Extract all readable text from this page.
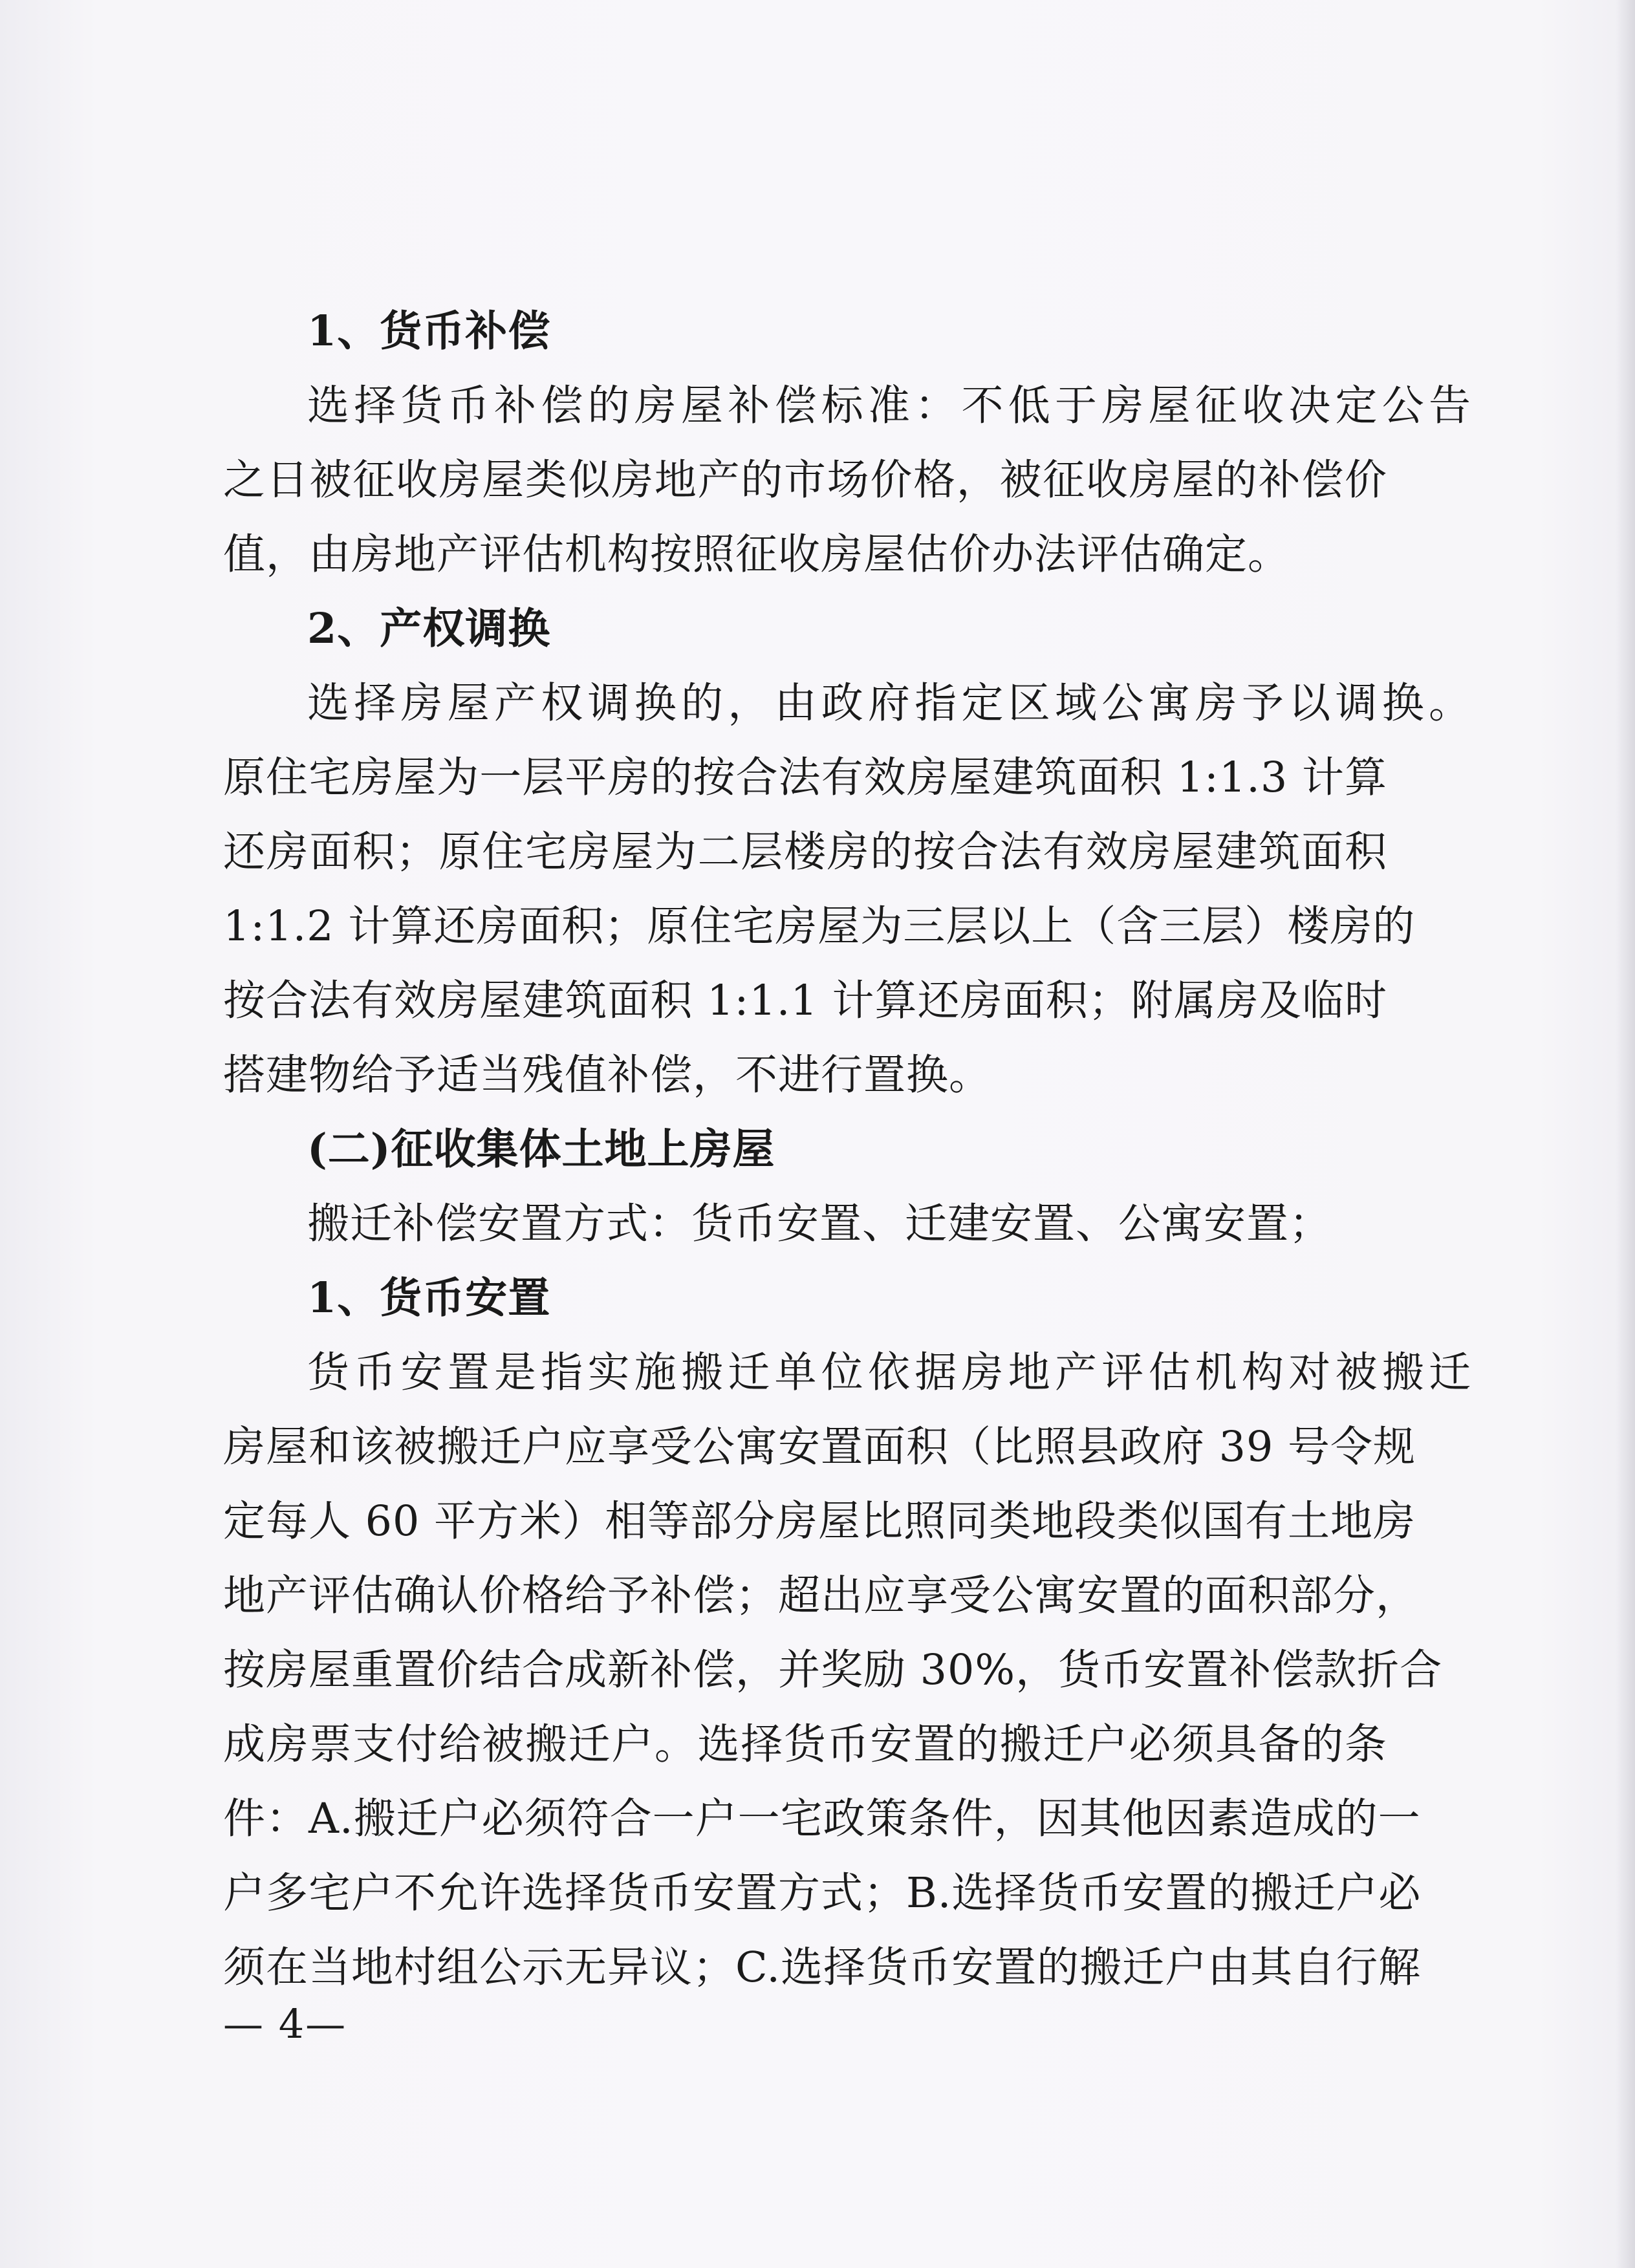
1、货币补偿
选择货币补偿的房屋补偿标准：不低于房屋征收决定公告
之日被征收房屋类似房地产的市场价格，被征收房屋的补偿价
值，由房地产评估机构按照征收房屋估价办法评估确定。
2、产权调换
选择房屋产权调换的，由政府指定区域公寓房予以调换。
原住宅房屋为一层平房的按合法有效房屋建筑面积 1:1.3 计算
还房面积；原住宅房屋为二层楼房的按合法有效房屋建筑面积
1:1.2 计算还房面积；原住宅房屋为三层以上（含三层）楼房的
按合法有效房屋建筑面积 1:1.1 计算还房面积；附属房及临时
搭建物给予适当残值补偿，不进行置换。
(二)征收集体土地上房屋
搬迁补偿安置方式：货币安置、迁建安置、公寓安置；
1、货币安置
货币安置是指实施搬迁单位依据房地产评估机构对被搬迁
房屋和该被搬迁户应享受公寓安置面积（比照县政府 39 号令规
定每人 60 平方米）相等部分房屋比照同类地段类似国有土地房
地产评估确认价格给予补偿；超出应享受公寓安置的面积部分，
按房屋重置价结合成新补偿，并奖励 30%，货币安置补偿款折合
成房票支付给被搬迁户。选择货币安置的搬迁户必须具备的条
件：A.搬迁户必须符合一户一宅政策条件，因其他因素造成的一
户多宅户不允许选择货币安置方式；B.选择货币安置的搬迁户必
须在当地村组公示无异议；C.选择货币安置的搬迁户由其自行解
— 4—
